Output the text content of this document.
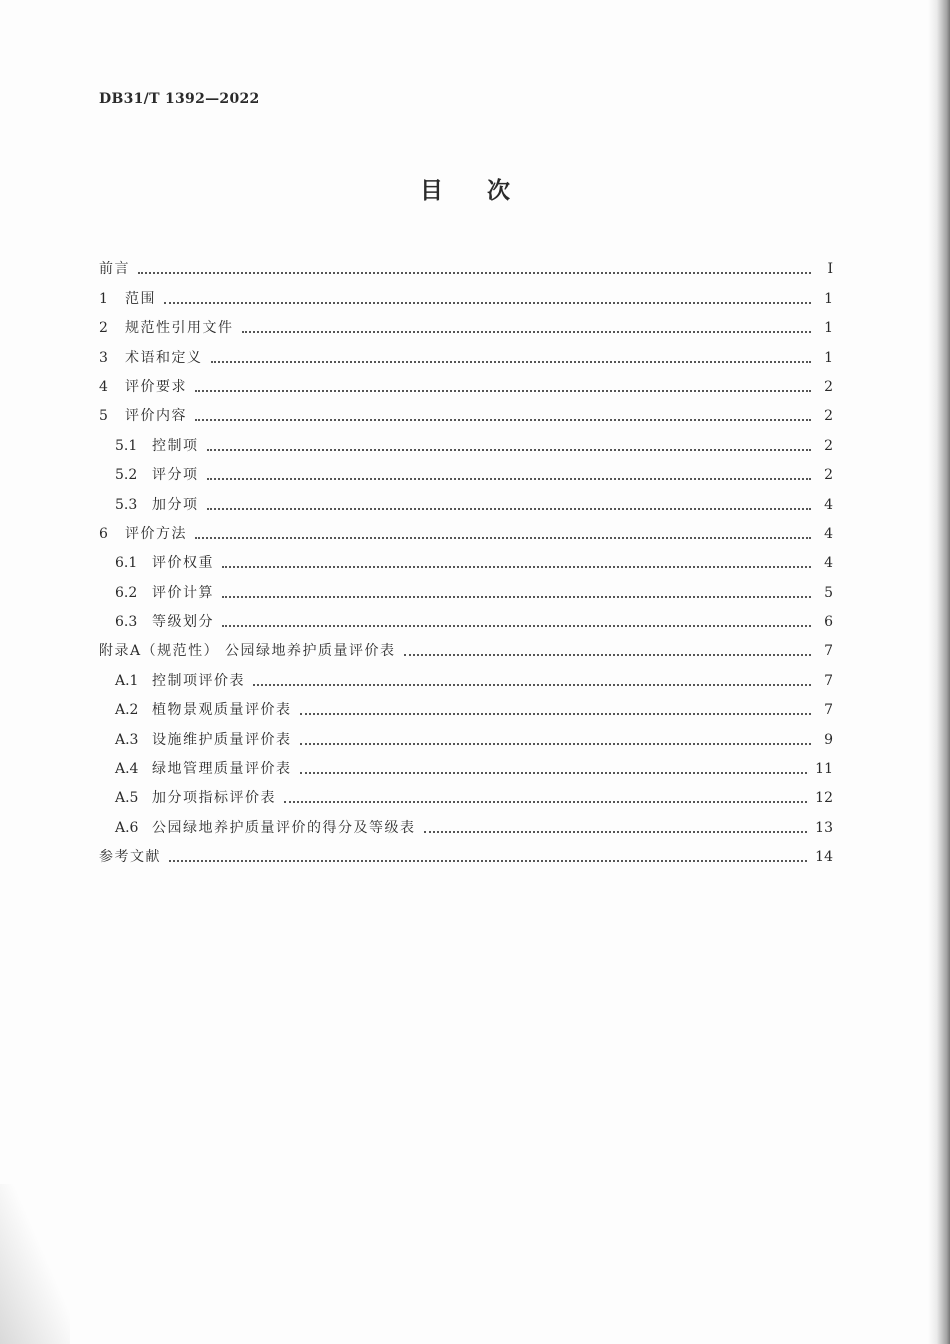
DB31/T 1392—2022
目次
前言	Ⅰ
1	范围	1
2	规范性引用文件	1
3	术语和定义	1
4	评价要求	2
5	评价内容	2
5.1	控制项	2
5.2	评分项	2
5.3	加分项	4
6	评价方法	4
6.1	评价权重	4
6.2	评价计算	5
6.3	等级划分	6
附录A（规范性） 公园绿地养护质量评价表	7
A.1 控制项评价表	7
A.2 植物景观质量评价表	7
A.3 设施维护质量评价表	9
A.4 绿地管理质量评价表	11
A.5 加分项指标评价表	12
A.6 公园绿地养护质量评价的得分及等级表	13
参考文献	14
